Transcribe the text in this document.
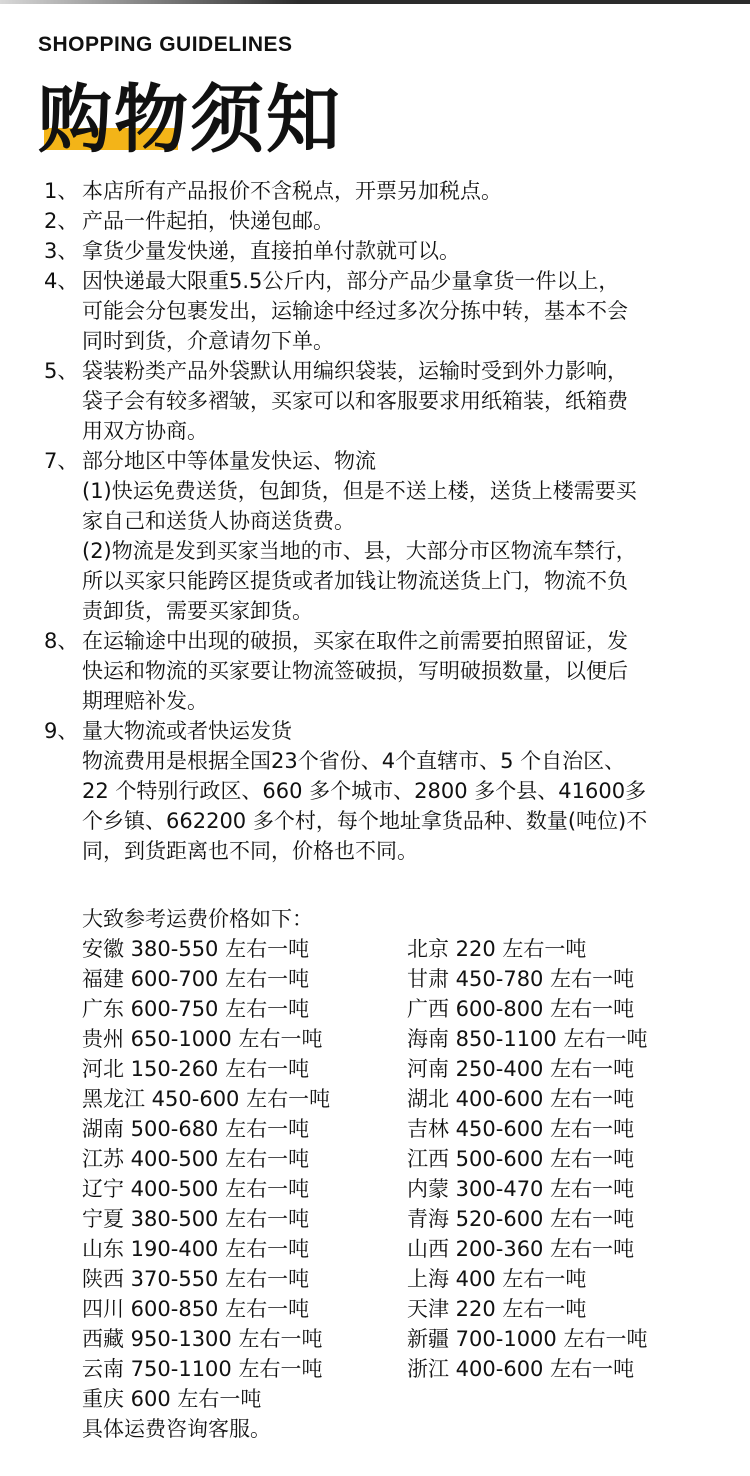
SHOPPING GUIDELINES
购物须知
1、 本店所有产品报价不含税点，开票另加税点。
2、 产品一件起拍，快递包邮。
3、 拿货少量发快递，直接拍单付款就可以。
4、 因快递最大限重5.5公斤内，部分产品少量拿货一件以上，
可能会分包裹发出，运输途中经过多次分拣中转，基本不会
同时到货，介意请勿下单。
5、 袋装粉类产品外袋默认用编织袋装，运输时受到外力影响，
袋子会有较多褶皱，买家可以和客服要求用纸箱装，纸箱费
用双方协商。
7、 部分地区中等体量发快运、物流
(1)快运免费送货，包卸货，但是不送上楼，送货上楼需要买
家自己和送货人协商送货费。
(2)物流是发到买家当地的市、县，大部分市区物流车禁行，
所以买家只能跨区提货或者加钱让物流送货上门，物流不负
责卸货，需要买家卸货。
8、 在运输途中出现的破损，买家在取件之前需要拍照留证，发
快运和物流的买家要让物流签破损，写明破损数量，以便后
期理赔补发。
9、 量大物流或者快运发货
物流费用是根据全国23个省份、4个直辖市、5 个自治区、
22 个特别行政区、660 多个城市、2800 多个县、41600多
个乡镇、662200 多个村，每个地址拿货品种、数量(吨位)不
同，到货距离也不同，价格也不同。
大致参考运费价格如下：
安徽 380-550 左右一吨	北京 220 左右一吨
福建 600-700 左右一吨	甘肃 450-780 左右一吨
广东 600-750 左右一吨	广西 600-800 左右一吨
贵州 650-1000 左右一吨	海南 850-1100 左右一吨
河北 150-260 左右一吨	河南 250-400 左右一吨
黑龙江 450-600 左右一吨	湖北 400-600 左右一吨
湖南 500-680 左右一吨	吉林 450-600 左右一吨
江苏 400-500 左右一吨	江西 500-600 左右一吨
辽宁 400-500 左右一吨	内蒙 300-470 左右一吨
宁夏 380-500 左右一吨	青海 520-600 左右一吨
山东 190-400 左右一吨	山西 200-360 左右一吨
陕西 370-550 左右一吨	上海 400 左右一吨
四川 600-850 左右一吨	天津 220 左右一吨
西藏 950-1300 左右一吨	新疆 700-1000 左右一吨
云南 750-1100 左右一吨	浙江 400-600 左右一吨
重庆 600 左右一吨
具体运费咨询客服。
